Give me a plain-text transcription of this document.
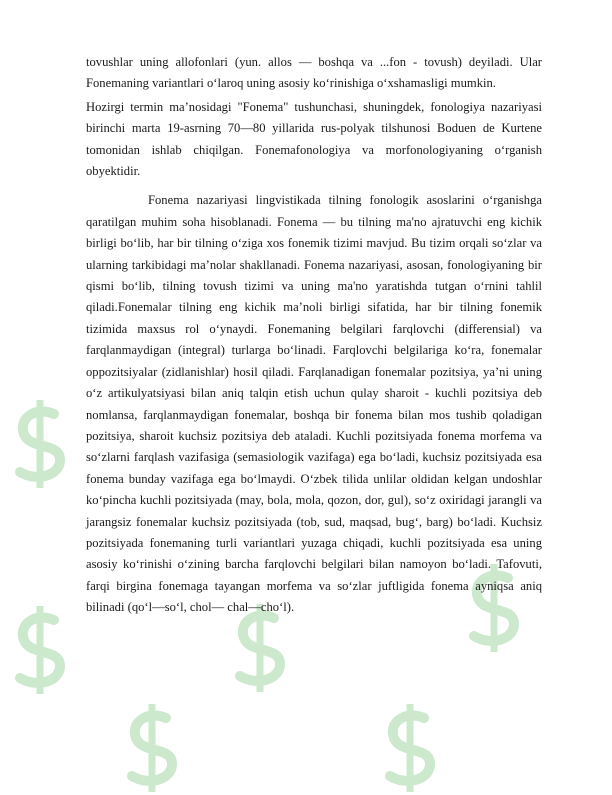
tovushlar uning allofonlari (yun. allos — boshqa va ...fon - tovush) deyiladi. Ular Fonemaning variantlari o‘laroq uning asosiy ko‘rinishiga o‘xshamasligi mumkin.

Hozirgi termin ma’nosidagi "Fonema" tushunchasi, shuningdek, fonologiya nazariyasi birinchi marta 19-asrning 70—80 yillarida rus-polyak tilshunosi Boduen de Kurtene tomonidan ishlab chiqilgan. Fonemafonologiya va morfonologiyaning o‘rganish obyektidir.

Fonema nazariyasi lingvistikada tilning fonologik asoslarini o‘rganishga qaratilgan muhim soha hisoblanadi. Fonema — bu tilning ma'no ajratuvchi eng kichik birligi bo‘lib, har bir tilning o‘ziga xos fonemik tizimi mavjud. Bu tizim orqali so‘zlar va ularning tarkibidagi ma’nolar shakllanadi. Fonema nazariyasi, asosan, fonologiyaning bir qismi bo‘lib, tilning tovush tizimi va uning ma'no yaratishda tutgan o‘rnini tahlil qiladi.Fonemalar tilning eng kichik ma’noli birligi sifatida, har bir tilning fonemik tizimida maxsus rol o‘ynaydi. Fonemaning belgilari farqlovchi (differensial) va farqlanmaydigan (integral) turlarga bo‘linadi. Farqlovchi belgilariga ko‘ra, fonemalar oppozitsiyalar (zidlanishlar) hosil qiladi. Farqlanadigan fonemalar pozitsiya, ya’ni uning o‘z artikulyatsiyasi bilan aniq talqin etish uchun qulay sharoit - kuchli pozitsiya deb nomlansa, farqlanmaydigan fonemalar, boshqa bir fonema bilan mos tushib qoladigan pozitsiya, sharoit kuchsiz pozitsiya deb ataladi. Kuchli pozitsiyada fonema morfema va so‘zlarni farqlash vazifasiga (semasiologik vazifaga) ega bo‘ladi, kuchsiz pozitsiyada esa fonema bunday vazifaga ega bo‘lmaydi. O‘zbek tilida unlilar oldidan kelgan undoshlar ko‘pincha kuchli pozitsiyada (may, bola, mola, qozon, dor, gul), so‘z oxiridagi jarangli va jarangsiz fonemalar kuchsiz pozitsiyada (tob, sud, maqsad, bug‘, barg) bo‘ladi. Kuchsiz pozitsiyada fonemaning turli variantlari yuzaga chiqadi, kuchli pozitsiyada esa uning asosiy ko‘rinishi o‘zining barcha farqlovchi belgilari bilan namoyon bo‘ladi. Tafovuti, farqi birgina fonemaga tayangan morfema va so‘zlar juftligida fonema ayniqsa aniq bilinadi (qo‘l—so‘l, chol— chal—cho‘l).
